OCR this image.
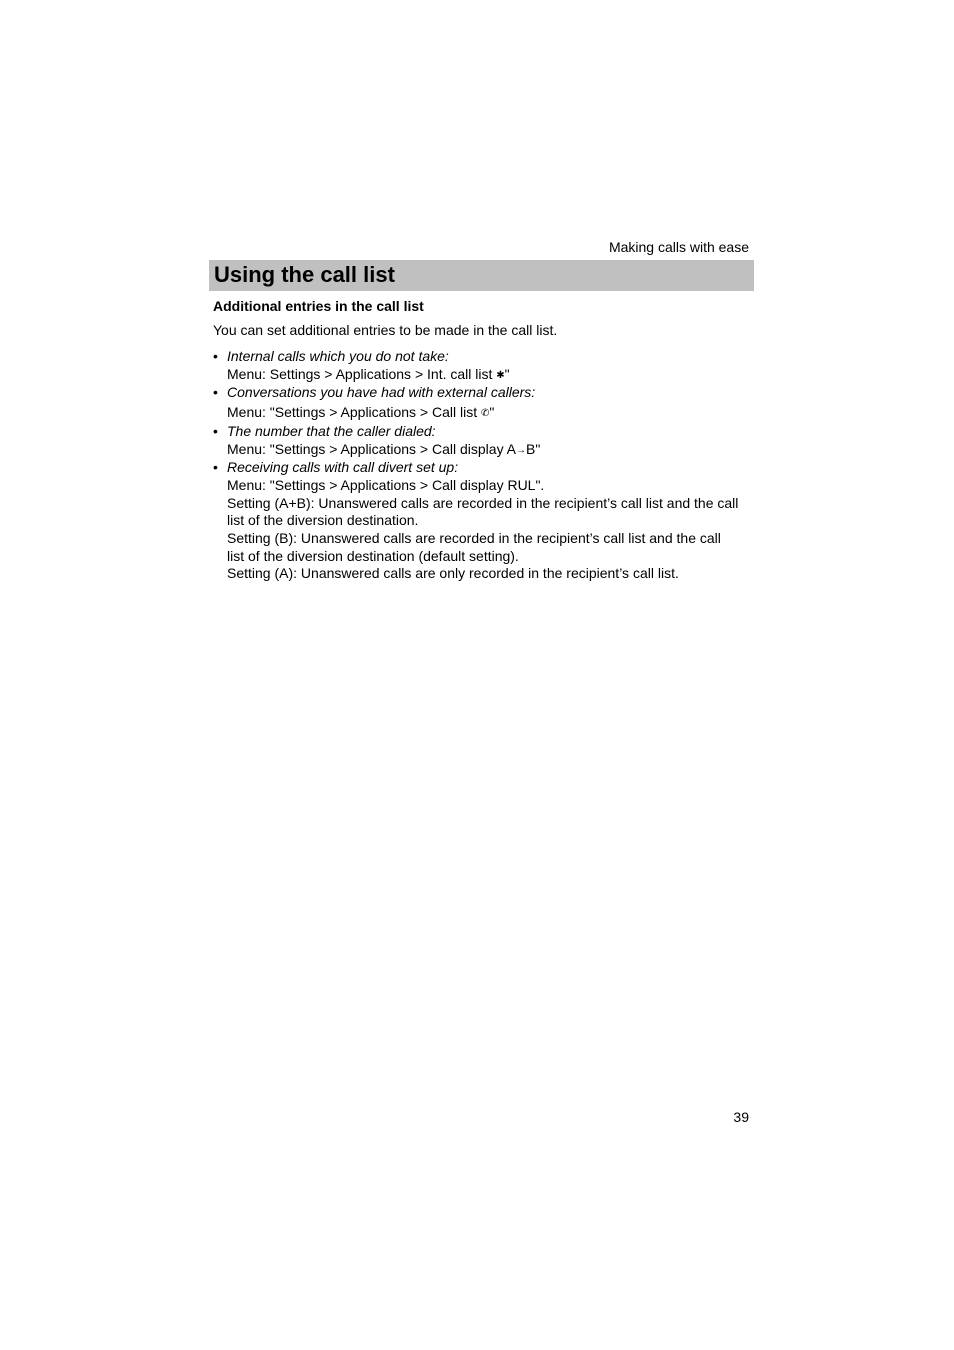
Making calls with ease
Using the call list
Additional entries in the call list
You can set additional entries to be made in the call list.
• Internal calls which you do not take:
Menu: Settings > Applications > Int. call list ✱"
• Conversations you have had with external callers:
Menu: "Settings > Applications > Call list ✆"
• The number that the caller dialed:
Menu: "Settings > Applications > Call display A→B"
• Receiving calls with call divert set up:
Menu: "Settings > Applications > Call display RUL".
Setting (A+B): Unanswered calls are recorded in the recipient’s call list and the call
list of the diversion destination.
Setting (B): Unanswered calls are recorded in the recipient’s call list and the call
list of the diversion destination (default setting).
Setting (A): Unanswered calls are only recorded in the recipient’s call list.
39
